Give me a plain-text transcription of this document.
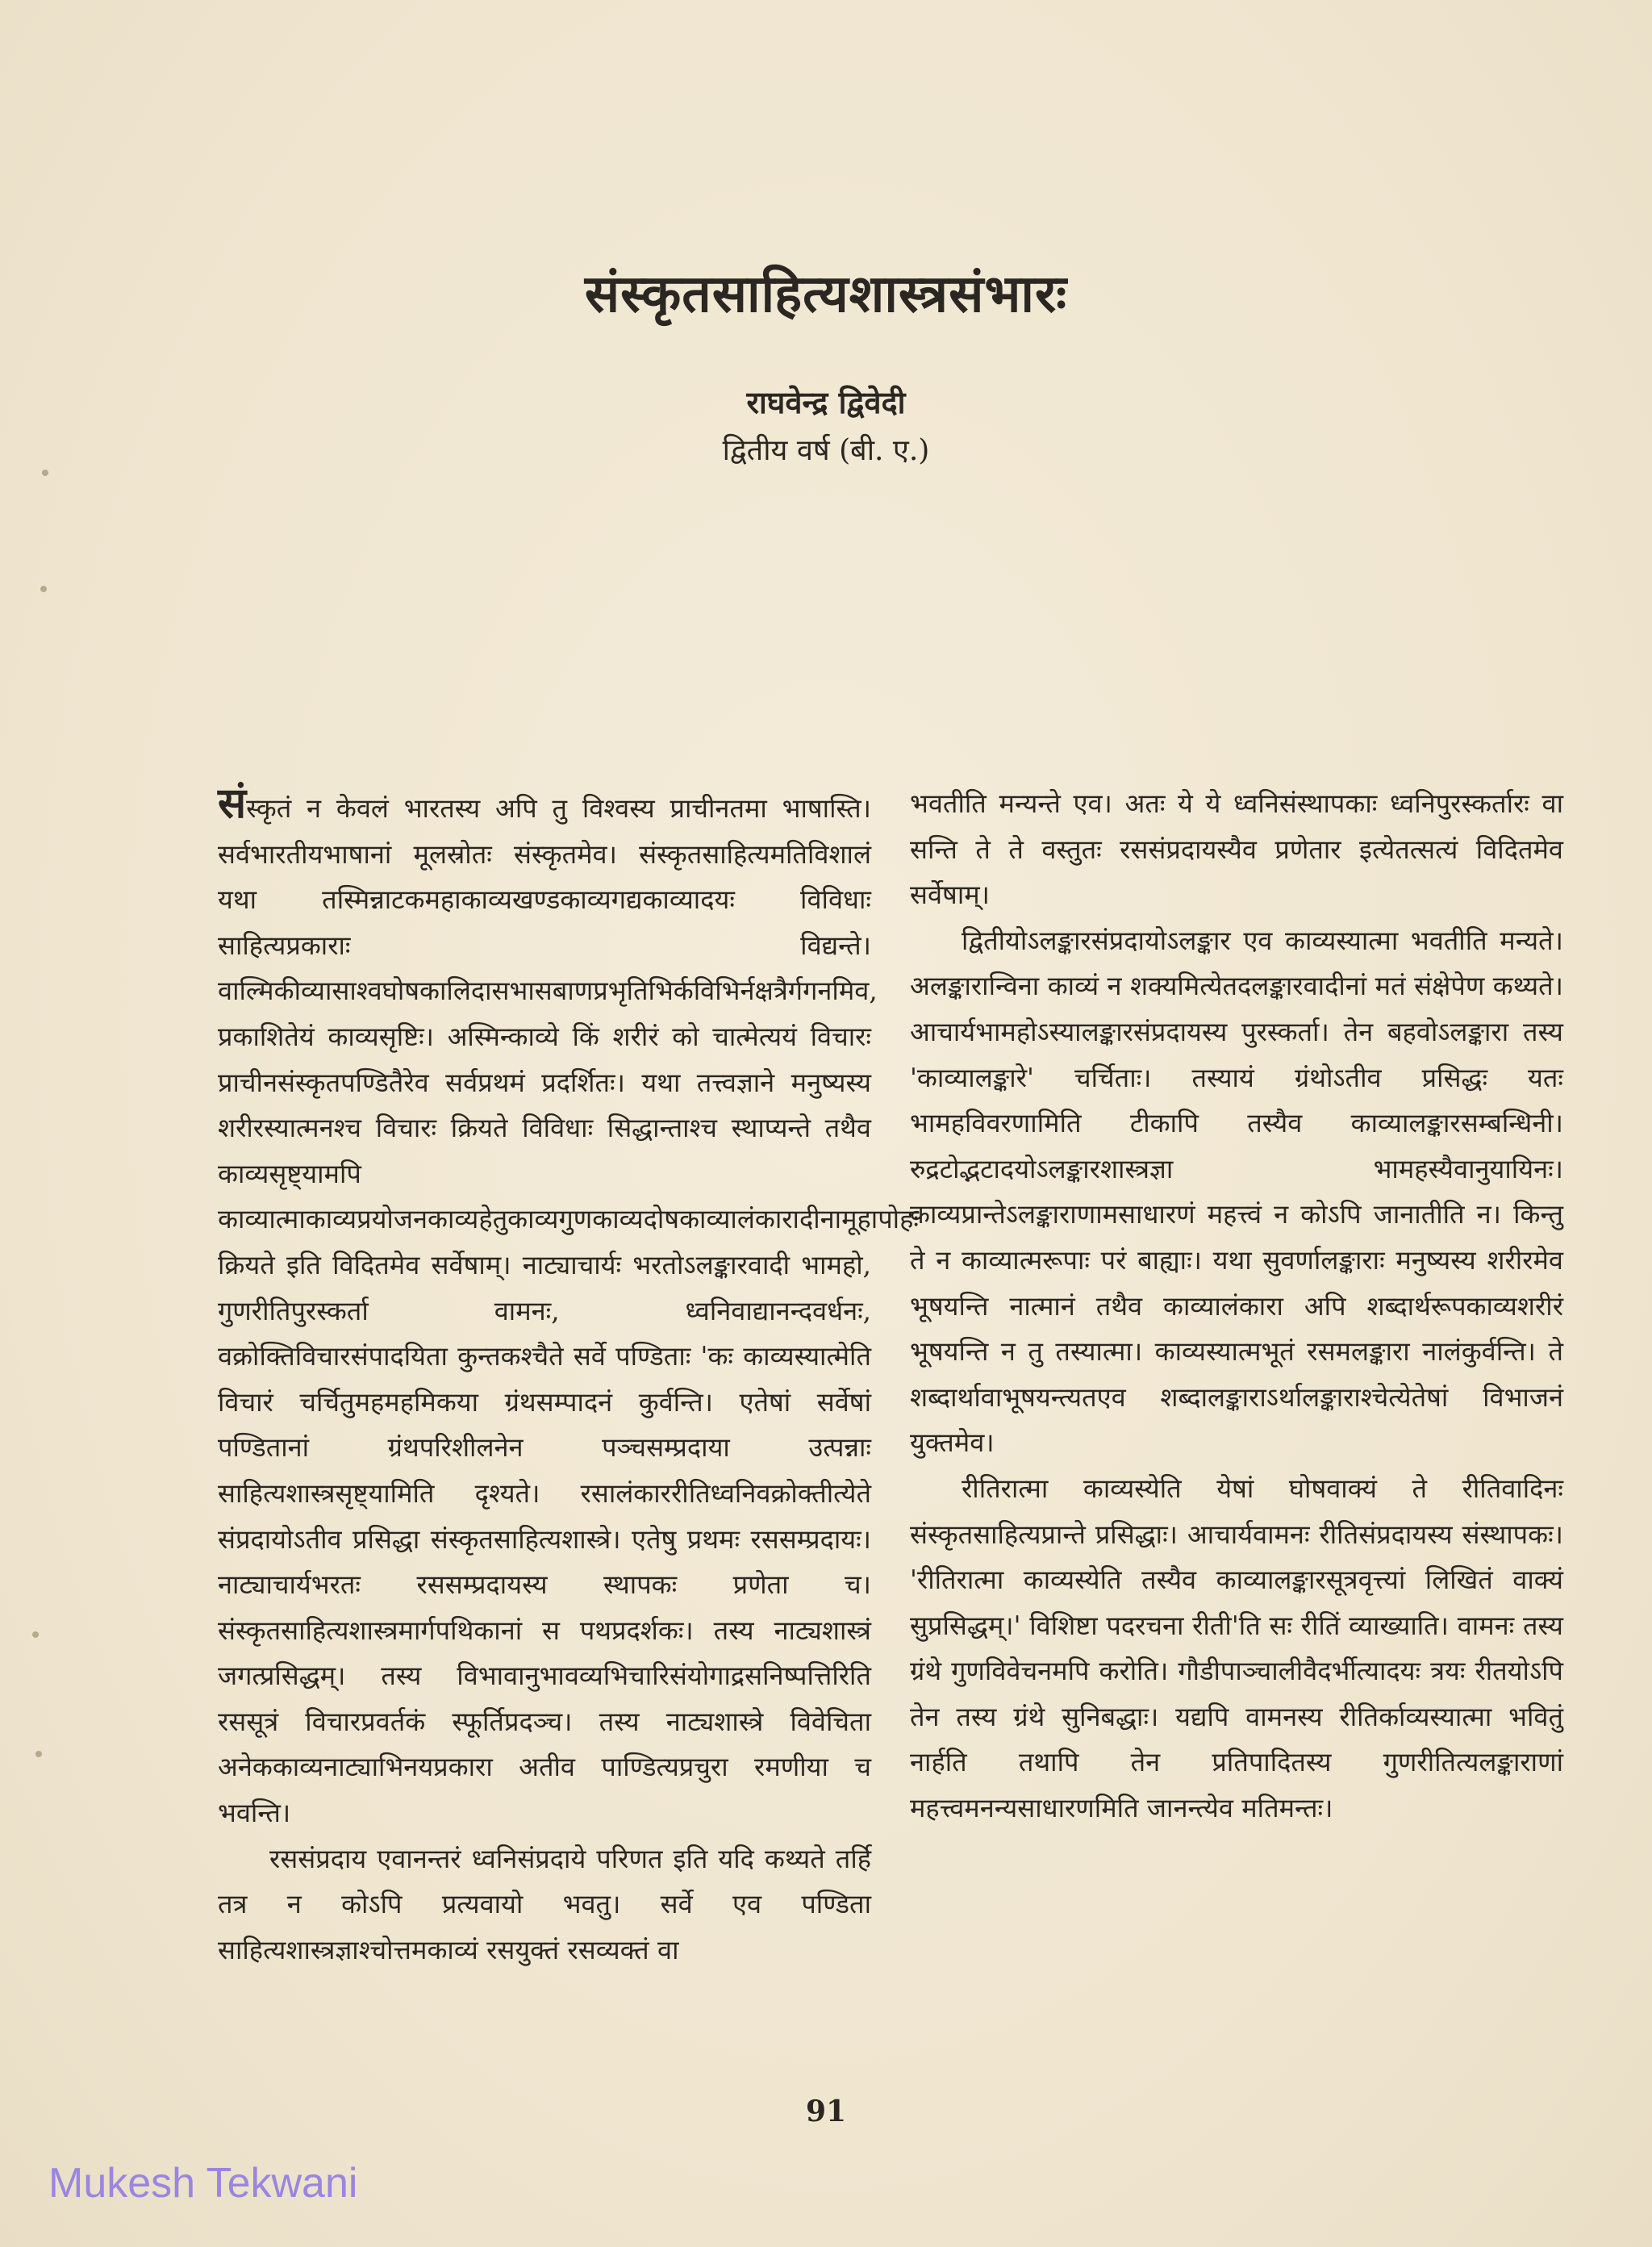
संस्कृतसाहित्यशास्त्रसंभारः
राघवेन्द्र द्विवेदी
द्वितीय वर्ष (बी. ए.)

संस्कृतं न केवलं भारतस्य अपि तु विश्वस्य प्राचीनतमा भाषास्ति। सर्वभारतीयभाषानां मूलस्रोतः संस्कृतमेव। संस्कृतसाहित्यमतिविशालं यथा तस्मिन्नाटकमहाकाव्यखण्डकाव्यगद्यकाव्यादयः विविधाः साहित्यप्रकाराः विद्यन्ते। वाल्मिकीव्यासाश्वघोषकालिदासभासबाणप्रभृतिभिर्कविभिर्नक्षत्रैर्गगनमिव, प्रकाशितेयं काव्यसृष्टिः। अस्मिन्काव्ये किं शरीरं को चात्मेत्ययं विचारः प्राचीनसंस्कृतपण्डितैरेव सर्वप्रथमं प्रदर्शितः। यथा तत्त्वज्ञाने मनुष्यस्य शरीरस्यात्मनश्च विचारः क्रियते विविधाः सिद्धान्ताश्च स्थाप्यन्ते तथैव काव्यसृष्ट्यामपि काव्यात्माकाव्यप्रयोजनकाव्यहेतुकाव्यगुणकाव्यदोषकाव्यालंकारादीनामूहापोहः क्रियते इति विदितमेव सर्वेषाम्। नाट्याचार्यः भरतोऽलङ्कारवादी भामहो, गुणरीतिपुरस्कर्ता वामनः, ध्वनिवाद्यानन्दवर्धनः, वक्रोक्तिविचारसंपादयिता कुन्तकश्चैते सर्वे पण्डिताः 'कः काव्यस्यात्मेति विचारं चर्चितुमहमहमिकया ग्रंथसम्पादनं कुर्वन्ति। एतेषां सर्वेषां पण्डितानां ग्रंथपरिशीलनेन पञ्चसम्प्रदाया उत्पन्नाः साहित्यशास्त्रसृष्ट्यामिति दृश्यते। रसालंकाररीतिध्वनिवक्रोक्तीत्येते संप्रदायोऽतीव प्रसिद्धा संस्कृतसाहित्यशास्त्रे। एतेषु प्रथमः रससम्प्रदायः। नाट्याचार्यभरतः रससम्प्रदायस्य स्थापकः प्रणेता च। संस्कृतसाहित्यशास्त्रमार्गपथिकानां स पथप्रदर्शकः। तस्य नाट्यशास्त्रं जगत्प्रसिद्धम्। तस्य विभावानुभावव्यभिचारिसंयोगाद्रसनिष्पत्तिरिति रससूत्रं विचारप्रवर्तकं स्फूर्तिप्रदञ्च। तस्य नाट्यशास्त्रे विवेचिता अनेककाव्यनाट्याभिनयप्रकारा अतीव पाण्डित्यप्रचुरा रमणीया च भवन्ति।

रससंप्रदाय एवानन्तरं ध्वनिसंप्रदाये परिणत इति यदि कथ्यते तर्हि तत्र न कोऽपि प्रत्यवायो भवतु। सर्वे एव पण्डिता साहित्यशास्त्रज्ञाश्चोत्तमकाव्यं रसयुक्तं रसव्यक्तं वा

भवतीति मन्यन्ते एव। अतः ये ये ध्वनिसंस्थापकाः ध्वनिपुरस्कर्तारः वा सन्ति ते ते वस्तुतः रससंप्रदायस्यैव प्रणेतार इत्येतत्सत्यं विदितमेव सर्वेषाम्।

द्वितीयोऽलङ्कारसंप्रदायोऽलङ्कार एव काव्यस्यात्मा भवतीति मन्यते। अलङ्कारान्विना काव्यं न शक्यमित्येतदलङ्कारवादीनां मतं संक्षेपेण कथ्यते। आचार्यभामहोऽस्यालङ्कारसंप्रदायस्य पुरस्कर्ता। तेन बहवोऽलङ्कारा तस्य 'काव्यालङ्कारे' चर्चिताः। तस्यायं ग्रंथोऽतीव प्रसिद्धः यतः भामहविवरणामिति टीकापि तस्यैव काव्यालङ्कारसम्बन्धिनी। रुद्रटोद्भटादयोऽलङ्कारशास्त्रज्ञा भामहस्यैवानुयायिनः। काव्यप्रान्तेऽलङ्काराणामसाधारणं महत्त्वं न कोऽपि जानातीति न। किन्तु ते न काव्यात्मरूपाः परं बाह्याः। यथा सुवर्णालङ्काराः मनुष्यस्य शरीरमेव भूषयन्ति नात्मानं तथैव काव्यालंकारा अपि शब्दार्थरूपकाव्यशरीरं भूषयन्ति न तु तस्यात्मा। काव्यस्यात्मभूतं रसमलङ्कारा नालंकुर्वन्ति। ते शब्दार्थावाभूषयन्त्यतएव शब्दालङ्काराऽर्थालङ्काराश्चेत्येतेषां विभाजनं युक्तमेव।

रीतिरात्मा काव्यस्येति येषां घोषवाक्यं ते रीतिवादिनः संस्कृतसाहित्यप्रान्ते प्रसिद्धाः। आचार्यवामनः रीतिसंप्रदायस्य संस्थापकः। 'रीतिरात्मा काव्यस्येति तस्यैव काव्यालङ्कारसूत्रवृत्त्यां लिखितं वाक्यं सुप्रसिद्धम्।' विशिष्टा पदरचना रीती'ति सः रीतिं व्याख्याति। वामनः तस्य ग्रंथे गुणविवेचनमपि करोति। गौडीपाञ्चालीवैदर्भीत्यादयः त्रयः रीतयोऽपि तेन तस्य ग्रंथे सुनिबद्धाः। यद्यपि वामनस्य रीतिर्काव्यस्यात्मा भवितुं नार्हति तथापि तेन प्रतिपादितस्य गुणरीतित्यलङ्काराणां महत्त्वमनन्यसाधारणमिति जानन्त्येव मतिमन्तः।

91
Mukesh Tekwani
